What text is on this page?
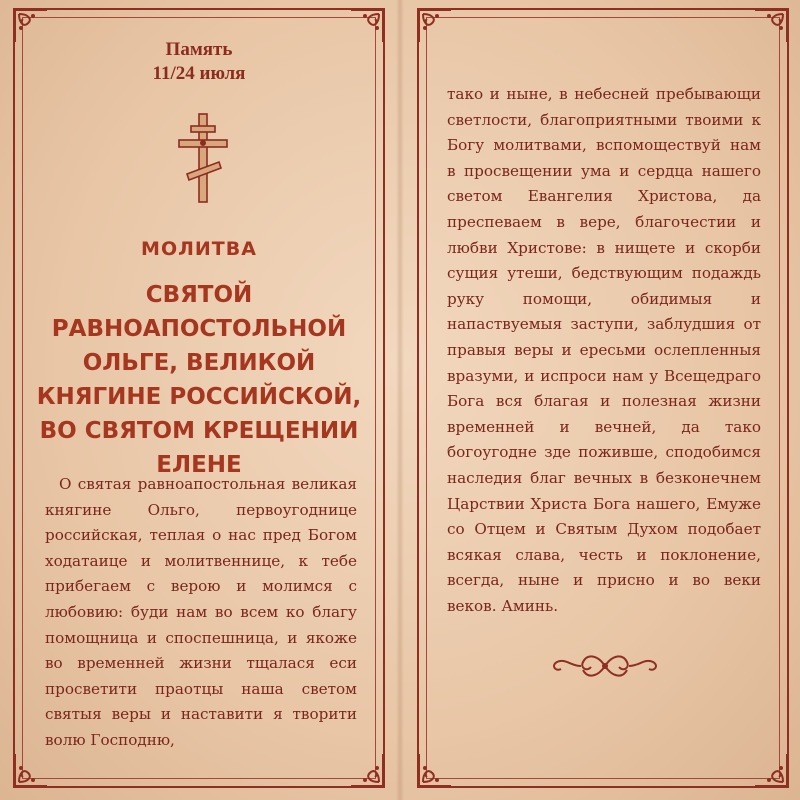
Память
11/24 июля
МОЛИТВА
СВЯТОЙ РАВНОАПОСТОЛЬНОЙ ОЛЬГЕ, ВЕЛИКОЙ КНЯГИНЕ РОССИЙСКОЙ, ВО СВЯТОМ КРЕЩЕНИИ ЕЛЕНЕ
О святая равноапостольная великая княгине Ольго, первоугоднице российская, теплая о нас пред Богом ходатаице и молитвеннице, к тебе прибегаем с верою и молимся с любовию: буди нам во всем ко благу помощница и споспешница, и якоже во временней жизни тщалася еси просветити праотцы наша светом святыя веры и наставити я творити волю Господню,
тако и ныне, в небесней пребывающи светлости, благоприятными твоими к Богу молитвами, вспомоществуй нам в просвещении ума и сердца нашего светом Евангелия Христова, да преспеваем в вере, благочестии и любви Христове: в нищете и скорби сущия утеши, бедствующим подаждь руку помощи, обидимыя и напаствуемыя заступи, заблудшия от правыя веры и ересьми ослепленныя вразуми, и испроси нам у Всещедраго Бога вся благая и полезная жизни временней и вечней, да тако богоугодне зде поживше, сподобимся наследия благ вечных в безконечнем Царствии Христа Бога нашего, Емуже со Отцем и Святым Духом подобает всякая слава, честь и поклонение, всегда, ныне и присно и во веки веков. Аминь.
